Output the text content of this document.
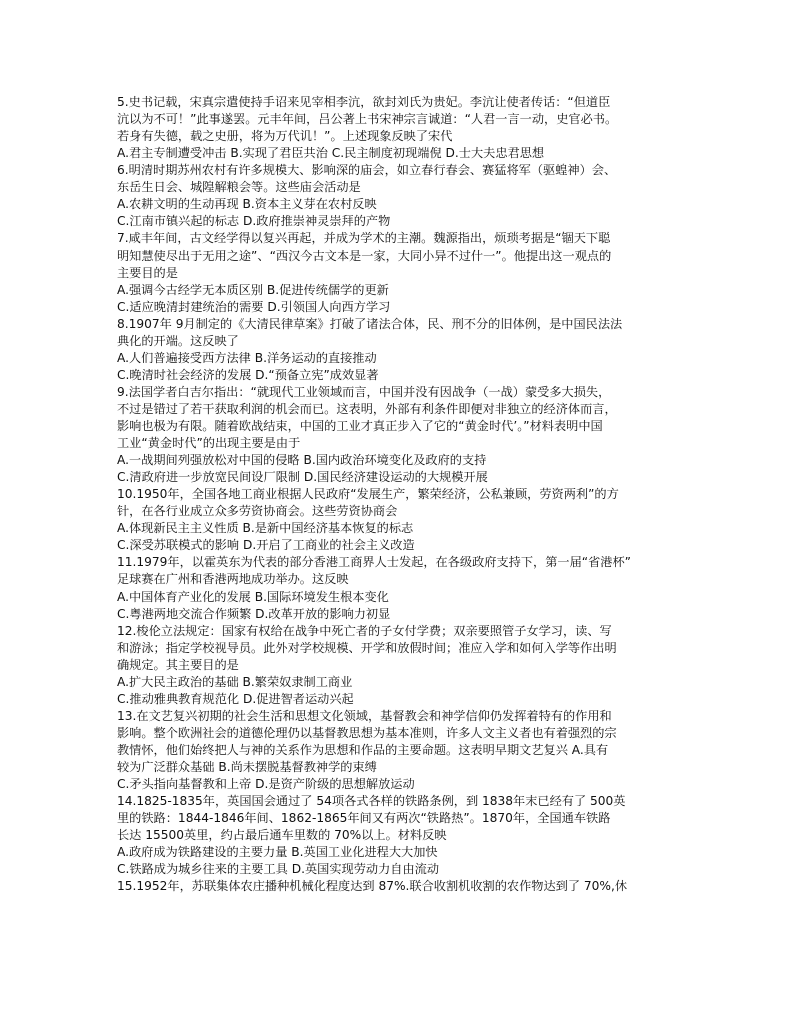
5.史书记载，宋真宗遣使持手诏来见宰相李沆，欲封刘氏为贵妃。李沆让使者传话：“但道臣
沆以为不可！”此事遂罢。元丰年间，吕公著上书宋神宗言诚道：“人君一言一动，史官必书。
若身有失德，载之史册，将为万代讥！”。上述现象反映了宋代
A.君主专制遭受冲击 B.实现了君臣共治 C.民主制度初现端倪 D.士大夫忠君思想
6.明清时期苏州农村有许多规模大、影响深的庙会，如立春行春会、赛猛将军（驱蝗神）会、
东岳生日会、城隍解粮会等。这些庙会活动是
A.农耕文明的生动再现 B.资本主义芽在农村反映
C.江南市镇兴起的标志 D.政府推崇神灵崇拜的产物
7.咸丰年间，古文经学得以复兴再起，并成为学术的主潮。魏源指出，烦琐考据是“锢天下聪
明知慧使尽出于无用之途”、“西汉今古文本是一家，大同小异不过什一”。他提出这一观点的
主要目的是
A.强调今古经学无本质区别 B.促进传统儒学的更新
C.适应晚清封建统治的需要 D.引领国人向西方学习
8.1907年 9月制定的《大清民律草案》打破了诸法合体，民、刑不分的旧体例，是中国民法法
典化的开端。这反映了
A.人们普遍接受西方法律 B.洋务运动的直接推动
C.晚清时社会经济的发展 D.“预备立宪”成效显著
9.法国学者白吉尔指出：“就现代工业领域而言，中国并没有因战争（一战）蒙受多大损失，
不过是错过了若干获取利润的机会而已。这表明，外部有利条件即便对非独立的经济体而言，
影响也极为有限。随着欧战结束，中国的工业才真正步入了它的“黄金时代’。”材料表明中国
工业“黄金时代”的出现主要是由于
A.一战期间列强放松对中国的侵略 B.国内政治环境变化及政府的支持
C.清政府进一步放宽民间设厂限制 D.国民经济建设运动的大规模开展
10.1950年，全国各地工商业根据人民政府“发展生产，繁荣经济，公私兼顾，劳资两利”的方
针，在各行业成立众多劳资协商会。这些劳资协商会
A.体现新民主主义性质 B.是新中国经济基本恢复的标志
C.深受苏联模式的影响 D.开启了工商业的社会主义改造
11.1979年，以霍英东为代表的部分香港工商界人士发起，在各级政府支持下，第一届“省港杯”
足球赛在广州和香港两地成功举办。这反映
A.中国体育产业化的发展 B.国际环境发生根本变化
C.粤港两地交流合作频繁 D.改革开放的影响力初显
12.梭伦立法规定：国家有权给在战争中死亡者的子女付学费；双亲要照管子女学习，读、写
和游泳；指定学校视导员。此外对学校规模、开学和放假时间；准应入学和如何入学等作出明
确规定。其主要目的是
A.扩大民主政治的基础 B.繁荣奴隶制工商业
C.推动雅典教育规范化 D.促进智者运动兴起
13.在文艺复兴初期的社会生活和思想文化领域，基督教会和神学信仰仍发挥着特有的作用和
影响。整个欧洲社会的道德伦理仍以基督教思想为基本准则，许多人文主义者也有着强烈的宗
教情怀，他们始终把人与神的关系作为思想和作品的主要命题。这表明早期文艺复兴 A.具有
较为广泛群众基础 B.尚未摆脱基督教神学的束缚
C.矛头指向基督教和上帝 D.是资产阶级的思想解放运动
14.1825-1835年，英国国会通过了 54项各式各样的铁路条例，到 1838年末已经有了 500英
里的铁路：1844-1846年间、1862-1865年间又有两次“铁路热”。1870年，全国通车铁路
长达 15500英里，约占最后通车里数的 70%以上。材料反映
A.政府成为铁路建设的主要力量 B.英国工业化进程大大加快
C.铁路成为城乡往来的主要工具 D.英国实现劳动力自由流动
15.1952年，苏联集体农庄播种机械化程度达到 87%.联合收割机收割的农作物达到了 70%,休
